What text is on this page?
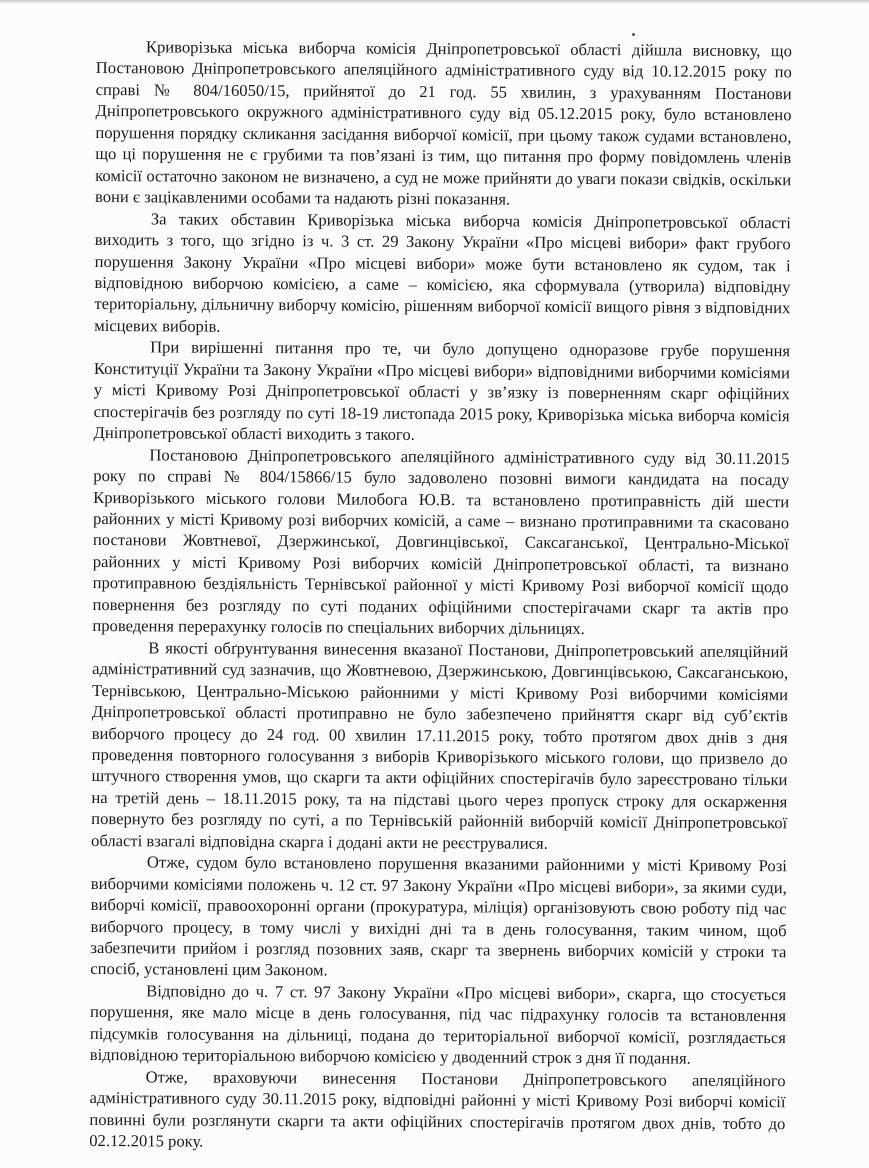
Криворізька міська виборча комісія Дніпропетровської області дійшла висновку, що Постановою Дніпропетровського апеляційного адміністративного суду від 10.12.2015 року по справі № 804/16050/15, прийнятої до 21 год. 55 хвилин, з урахуванням Постанови Дніпропетровського окружного адміністративного суду від 05.12.2015 року, було встановлено порушення порядку скликання засідання виборчої комісії, при цьому також судами встановлено, що ці порушення не є грубими та пов’язані із тим, що питання про форму повідомлень членів комісії остаточно законом не визначено, а суд не може прийняти до уваги покази свідків, оскільки вони є зацікавленими особами та надають різні показання.

За таких обставин Криворізька міська виборча комісія Дніпропетровської області виходить з того, що згідно із ч. 3 ст. 29 Закону України «Про місцеві вибори» факт грубого порушення Закону України «Про місцеві вибори» може бути встановлено як судом, так і відповідною виборчою комісією, а саме – комісією, яка сформувала (утворила) відповідну територіальну, дільничну виборчу комісію, рішенням виборчої комісії вищого рівня з відповідних місцевих виборів.

При вирішенні питання про те, чи було допущено одноразове грубе порушення Конституції України та Закону України «Про місцеві вибори» відповідними виборчими комісіями у місті Кривому Розі Дніпропетровської області у зв’язку із поверненням скарг офіційних спостерігачів без розгляду по суті 18-19 листопада 2015 року, Криворізька міська виборча комісія Дніпропетровської області виходить з такого.

Постановою Дніпропетровського апеляційного адміністративного суду від 30.11.2015 року по справі № 804/15866/15 було задоволено позовні вимоги кандидата на посаду Криворізького міського голови Милобога Ю.В. та встановлено протиправність дій шести районних у місті Кривому розі виборчих комісій, а саме – визнано протиправними та скасовано постанови Жовтневої, Дзержинської, Довгинцівської, Саксаганської, Центрально-Міської районних у місті Кривому Розі виборчих комісій Дніпропетровської області, та визнано протиправною бездіяльність Тернівської районної у місті Кривому Розі виборчої комісії щодо повернення без розгляду по суті поданих офіційними спостерігачами скарг та актів про проведення перерахунку голосів по спеціальних виборчих дільницях.

В якості обґрунтування винесення вказаної Постанови, Дніпропетровський апеляційний адміністративний суд зазначив, що Жовтневою, Дзержинською, Довгинцівською, Саксаганською, Тернівською, Центрально-Міською районними у місті Кривому Розі виборчими комісіями Дніпропетровської області протиправно не було забезпечено прийняття скарг від суб’єктів виборчого процесу до 24 год. 00 хвилин 17.11.2015 року, тобто протягом двох днів з дня проведення повторного голосування з виборів Криворізького міського голови, що призвело до штучного створення умов, що скарги та акти офіційних спостерігачів було зареєстровано тільки на третій день – 18.11.2015 року, та на підставі цього через пропуск строку для оскарження повернуто без розгляду по суті, а по Тернівській районній виборчій комісії Дніпропетровської області взагалі відповідна скарга і додані акти не реєструвалися.

Отже, судом було встановлено порушення вказаними районними у місті Кривому Розі виборчими комісіями положень ч. 12 ст. 97 Закону України «Про місцеві вибори», за якими суди, виборчі комісії, правоохоронні органи (прокуратура, міліція) організовують свою роботу під час виборчого процесу, в тому числі у вихідні дні та в день голосування, таким чином, щоб забезпечити прийом і розгляд позовних заяв, скарг та звернень виборчих комісій у строки та спосіб, установлені цим Законом.

Відповідно до ч. 7 ст. 97 Закону України «Про місцеві вибори», скарга, що стосується порушення, яке мало місце в день голосування, під час підрахунку голосів та встановлення підсумків голосування на дільниці, подана до територіальної виборчої комісії, розглядається відповідною територіальною виборчою комісією у дводенний строк з дня її подання.

Отже, враховуючи винесення Постанови Дніпропетровського апеляційного адміністративного суду 30.11.2015 року, відповідні районні у місті Кривому Розі виборчі комісії повинні були розглянути скарги та акти офіційних спостерігачів протягом двох днів, тобто до 02.12.2015 року.
